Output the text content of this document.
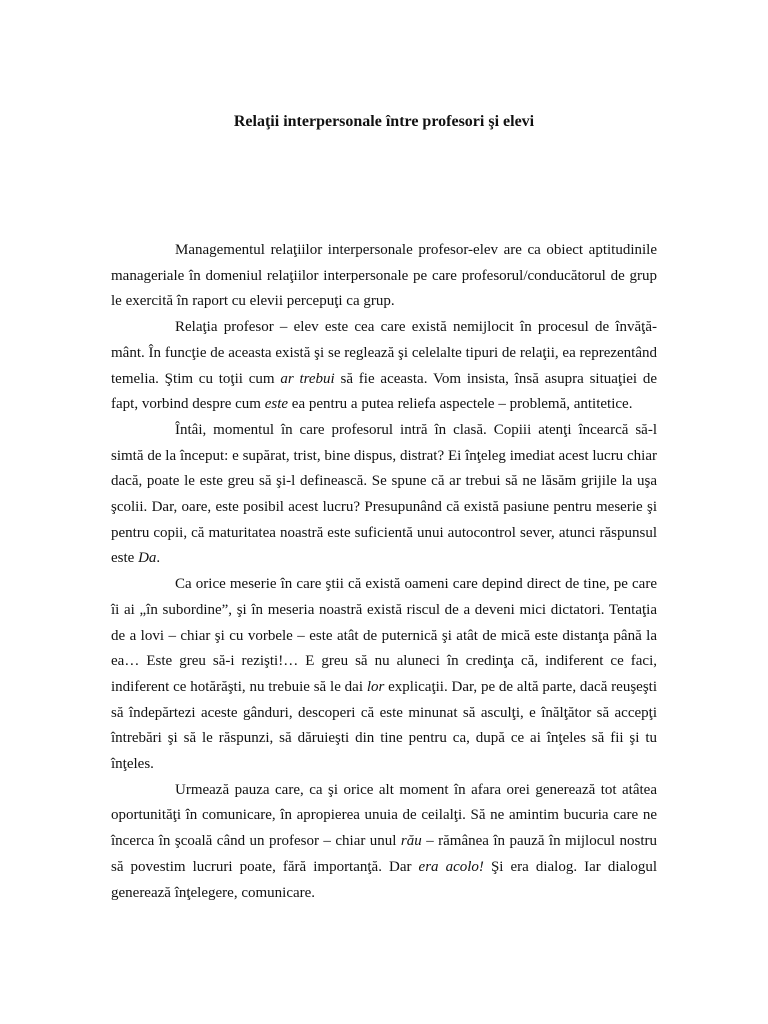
Relaţii interpersonale între profesori şi elevi

Managementul relaţiilor interpersonale profesor-elev are ca obiect aptitudinile manageriale în domeniul relaţiilor interpersonale pe care profesorul/conducătorul de grup le exercită în raport cu elevii percepuţi ca grup.

Relaţia profesor – elev este cea care există nemijlocit în procesul de învăţă-mânt. În funcţie de aceasta există şi se reglează şi celelalte tipuri de relaţii, ea reprezentând temelia. Ştim cu toţii cum ar trebui să fie aceasta. Vom insista, însă asupra situaţiei de fapt, vorbind despre cum este ea pentru a putea reliefa aspectele – problemă, antitetice.

Întâi, momentul în care profesorul intră în clasă. Copiii atenţi încearcă să-l simtă de la început: e supărat, trist, bine dispus, distrat? Ei înţeleg imediat acest lucru chiar dacă, poate le este greu să şi-l definească. Se spune că ar trebui să ne lăsăm grijile la uşa şcolii. Dar, oare, este posibil acest lucru? Presupunând că există pasiune pentru meserie şi pentru copii, că maturitatea noastră este suficientă unui autocontrol sever, atunci răspunsul este Da.

Ca orice meserie în care ştii că există oameni care depind direct de tine, pe care îi ai „în subordine”, şi în meseria noastră există riscul de a deveni mici dictatori. Tentaţia de a lovi – chiar şi cu vorbele – este atât de puternică şi atât de mică este distanţa până la ea… Este greu să-i rezişti!… E greu să nu aluneci în credinţa că, indiferent ce faci, indiferent ce hotărăşti, nu trebuie să le dai lor explicaţii. Dar, pe de altă parte, dacă reuşeşti să îndepărtezi aceste gânduri, descoperi că este minunat să asculţi, e înălţător să accepţi întrebări şi să le răspunzi, să dăruieşti din tine pentru ca, după ce ai înţeles să fii şi tu înţeles.

Urmează pauza care, ca şi orice alt moment în afara orei generează tot atâtea oportunităţi în comunicare, în apropierea unuia de ceilalţi. Să ne amintim bucuria care ne încerca în şcoală când un profesor – chiar unul rău – rămânea în pauză în mijlocul nostru să povestim lucruri poate, fără importanţă. Dar era acolo! Şi era dialog. Iar dialogul generează înţelegere, comunicare.
